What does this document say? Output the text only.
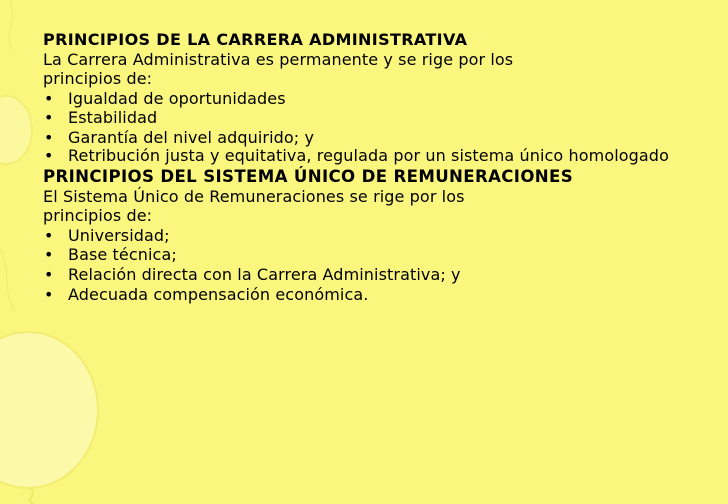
PRINCIPIOS DE LA CARRERA ADMINISTRATIVA
La Carrera Administrativa es permanente y se rige por los
principios de:
• Igualdad de oportunidades
• Estabilidad
• Garantía del nivel adquirido; y
• Retribución justa y equitativa, regulada por un sistema único homologado
PRINCIPIOS DEL SISTEMA ÚNICO DE REMUNERACIONES
El Sistema Único de Remuneraciones se rige por los
principios de:
• Universidad;
• Base técnica;
• Relación directa con la Carrera Administrativa; y
• Adecuada compensación económica.
